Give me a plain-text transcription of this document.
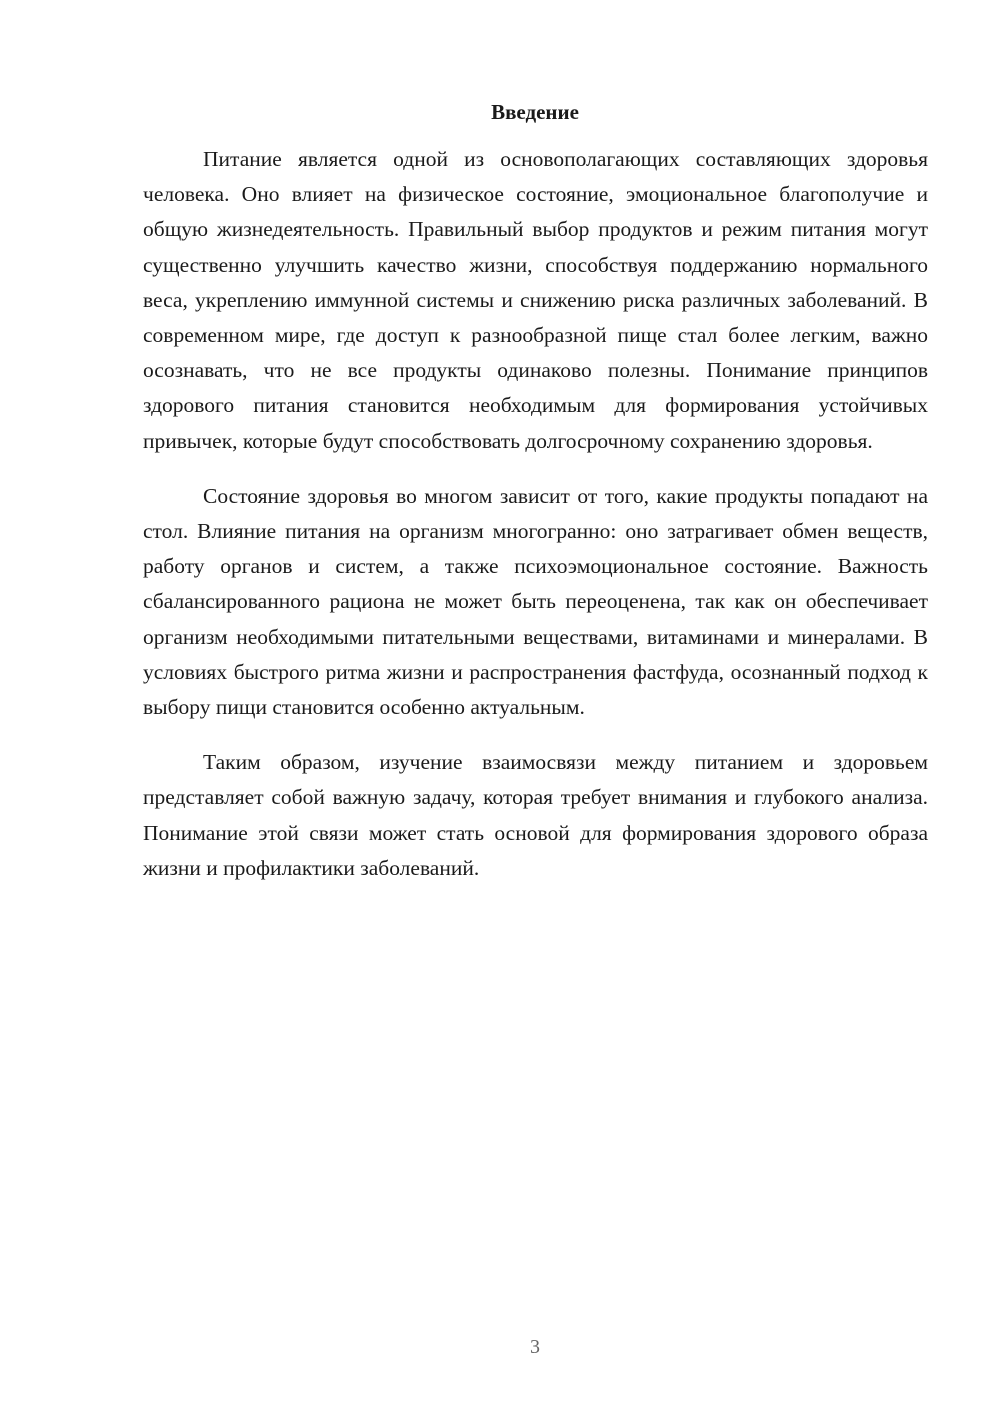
Введение

Питание является одной из основополагающих составляющих здоровья человека. Оно влияет на физическое состояние, эмоциональное благополучие и общую жизнедеятельность. Правильный выбор продуктов и режим питания могут существенно улучшить качество жизни, способствуя поддержанию нормального веса, укреплению иммунной системы и снижению риска различных заболеваний. В современном мире, где доступ к разнообразной пище стал более легким, важно осознавать, что не все продукты одинаково полезны. Понимание принципов здорового питания становится необходимым для формирования устойчивых привычек, которые будут способствовать долгосрочному сохранению здоровья.

Состояние здоровья во многом зависит от того, какие продукты попадают на стол. Влияние питания на организм многогранно: оно затрагивает обмен веществ, работу органов и систем, а также психоэмоциональное состояние. Важность сбалансированного рациона не может быть переоценена, так как он обеспечивает организм необходимыми питательными веществами, витаминами и минералами. В условиях быстрого ритма жизни и распространения фастфуда, осознанный подход к выбору пищи становится особенно актуальным.

Таким образом, изучение взаимосвязи между питанием и здоровьем представляет собой важную задачу, которая требует внимания и глубокого анализа. Понимание этой связи может стать основой для формирования здорового образа жизни и профилактики заболеваний.

3
